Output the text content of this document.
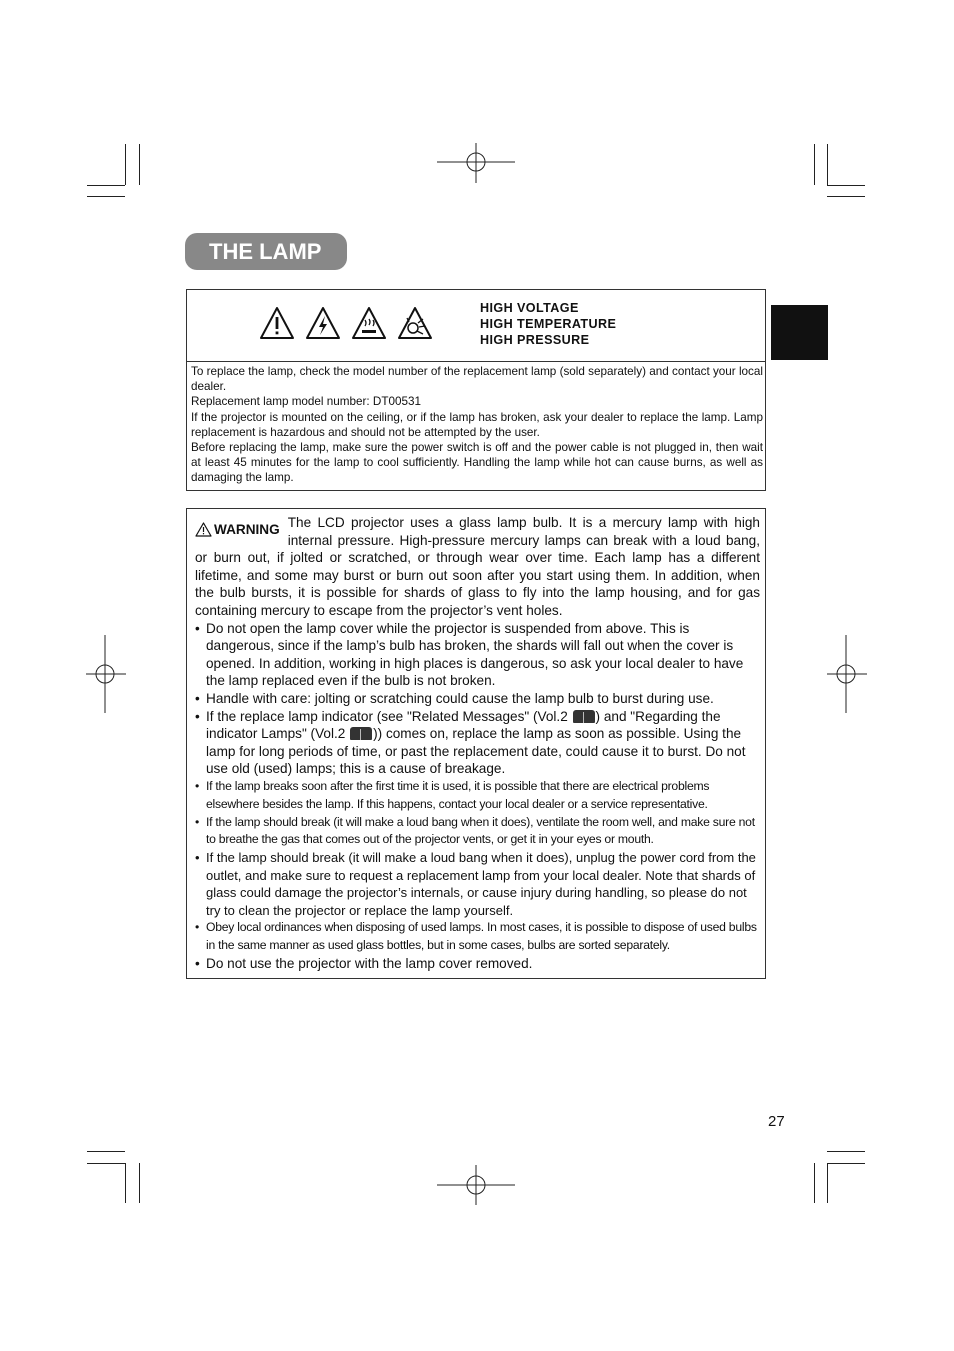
THE LAMP
HIGH VOLTAGE
HIGH TEMPERATURE
HIGH PRESSURE

To replace the lamp, check the model number of the replacement lamp (sold separately) and contact your local dealer.

Replacement lamp model number: DT00531

If the projector is mounted on the ceiling, or if the lamp has broken, ask your dealer to replace the lamp. Lamp replacement is hazardous and should not be attempted by the user.

Before replacing the lamp, make sure the power switch is off and the power cable is not plugged in, then wait at least 45 minutes for the lamp to cool sufficiently. Handling the lamp while hot can cause burns, as well as damaging the lamp.

WARNING The LCD projector uses a glass lamp bulb. It is a mercury lamp with high internal pressure. High-pressure mercury lamps can break with a loud bang, or burn out, if jolted or scratched, or through wear over time. Each lamp has a different lifetime, and some may burst or burn out soon after you start using them. In addition, when the bulb bursts, it is possible for shards of glass to fly into the lamp housing, and for gas containing mercury to escape from the projector’s vent holes.

• Do not open the lamp cover while the projector is suspended from above. This is dangerous, since if the lamp’s bulb has broken, the shards will fall out when the cover is opened. In addition, working in high places is dangerous, so ask your local dealer to have the lamp replaced even if the bulb is not broken.
• Handle with care: jolting or scratching could cause the lamp bulb to burst during use.
• If the replace lamp indicator (see "Related Messages" (Vol.2 ) and "Regarding the indicator Lamps" (Vol.2 )) comes on, replace the lamp as soon as possible. Using the lamp for long periods of time, or past the replacement date, could cause it to burst. Do not use old (used) lamps; this is a cause of breakage.
• If the lamp breaks soon after the first time it is used, it is possible that there are electrical problems elsewhere besides the lamp. If this happens, contact your local dealer or a service representative.
• If the lamp should break (it will make a loud bang when it does), ventilate the room well, and make sure not to breathe the gas that comes out of the projector vents, or get it in your eyes or mouth.
• If the lamp should break (it will make a loud bang when it does), unplug the power cord from the outlet, and make sure to request a replacement lamp from your local dealer. Note that shards of glass could damage the projector’s internals, or cause injury during handling, so please do not try to clean the projector or replace the lamp yourself.
• Obey local ordinances when disposing of used lamps. In most cases, it is possible to dispose of used bulbs in the same manner as used glass bottles, but in some cases, bulbs are sorted separately.
• Do not use the projector with the lamp cover removed.
27
